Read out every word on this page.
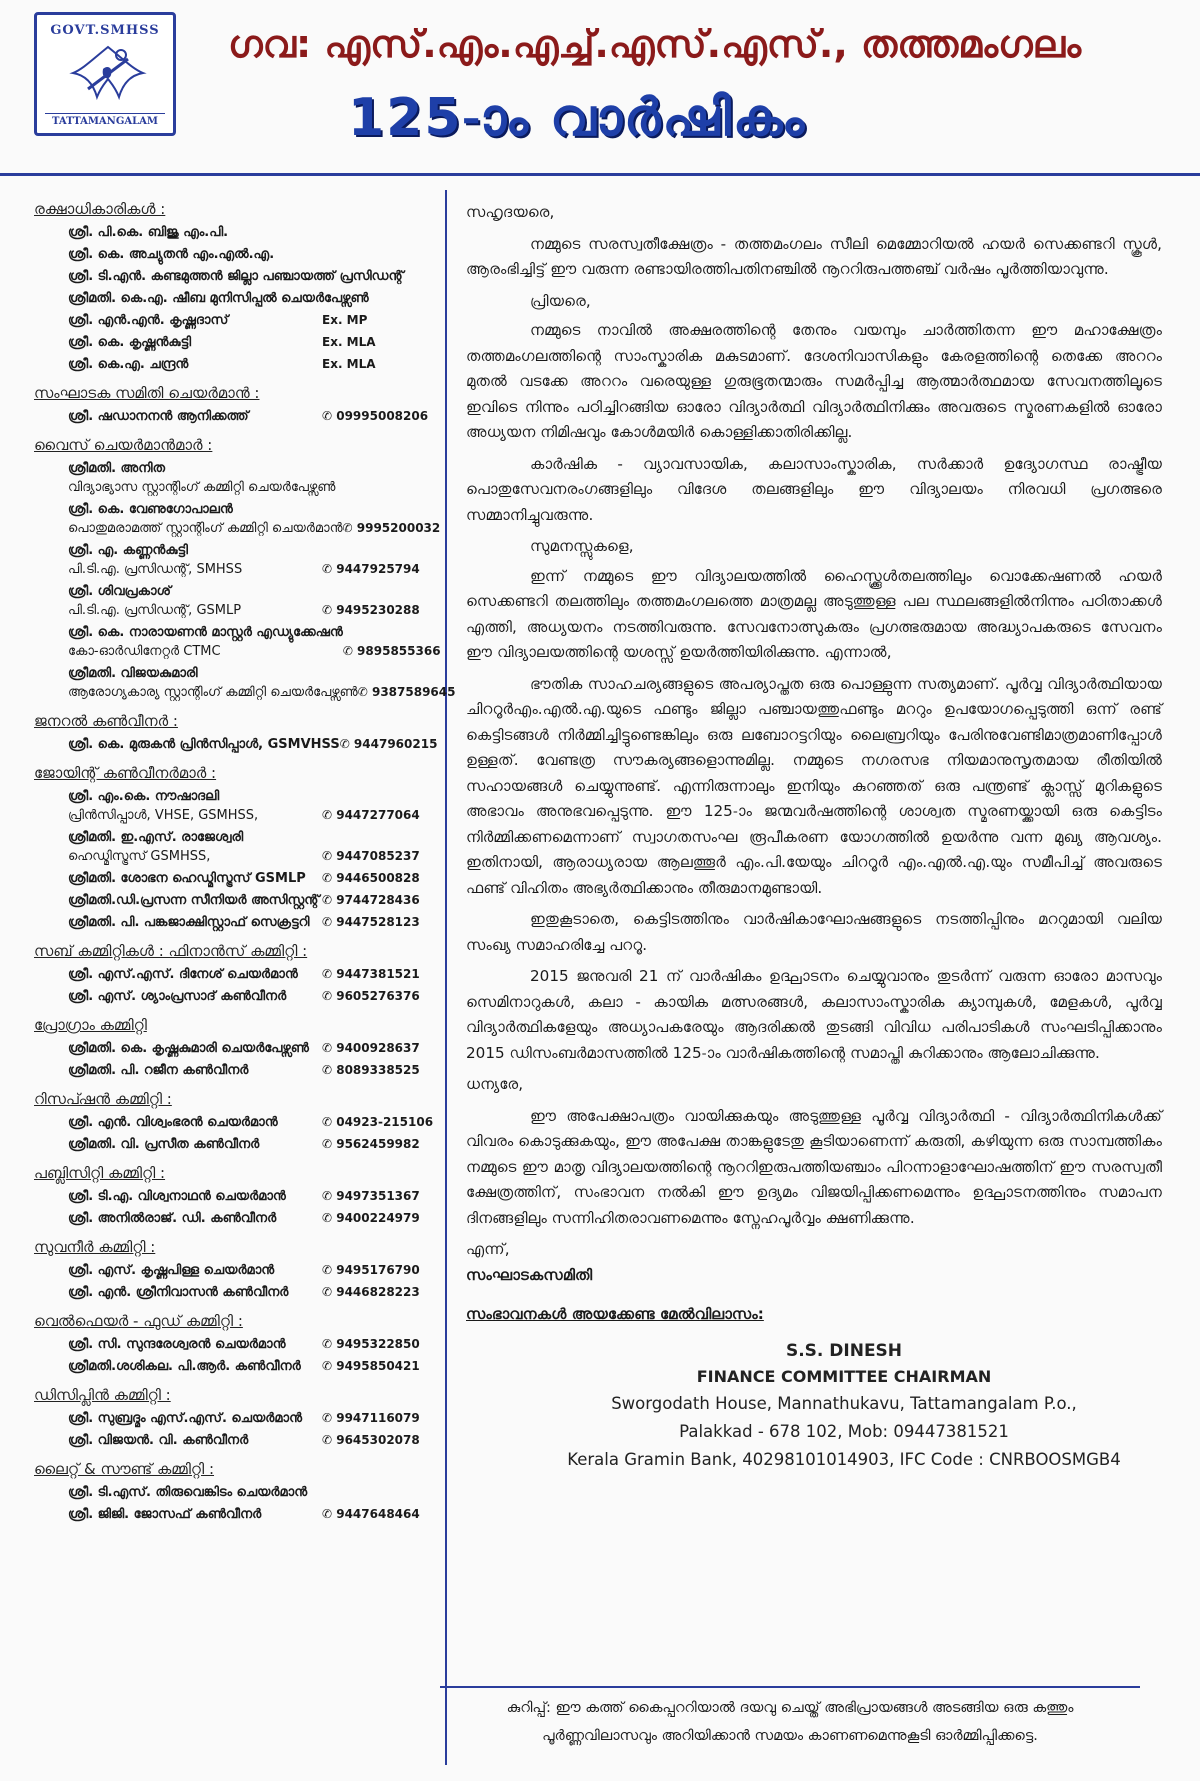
GOVT.SMHSS
TATTAMANGALAM
ഗവ: എസ്.എം.എച്ച്.എസ്.എസ്., തത്തമംഗലം
125-ാം വാർഷികം
രക്ഷാധികാരികൾ :
ശ്രീ. പി.കെ. ബിജു എം.പി.
ശ്രീ. കെ. അച്യുതൻ എം.എൽ.എ.
ശ്രീ. ടി.എൻ. കണ്ടമുത്തൻ ജില്ലാ പഞ്ചായത്ത് പ്രസിഡന്റ്
ശ്രീമതി. കെ.എ. ഷീബ മുനിസിപ്പൽ ചെയർപേഴ്സൺ
ശ്രീ. എൻ.എൻ. കൃഷ്ണദാസ്	Ex. MP
ശ്രീ. കെ. കൃഷ്ണൻകുട്ടി	Ex. MLA
ശ്രീ. കെ.എ. ചന്ദ്രൻ	Ex. MLA
സംഘാടക സമിതി ചെയർമാൻ :
ശ്രീ. ഷഡാനനൻ ആനിക്കത്ത്	✆ 09995008206
വൈസ് ചെയർമാൻമാർ :
ശ്രീമതി. അനിത
വിദ്യാഭ്യാസ സ്റ്റാന്റിംഗ് കമ്മിറ്റി ചെയർപേഴ്സൺ
ശ്രീ. കെ. വേണുഗോപാലൻ
പൊതുമരാമത്ത് സ്റ്റാന്റിംഗ് കമ്മിറ്റി ചെയർമാൻ ✆ 9995200032
ശ്രീ. എ. കണ്ണൻകുട്ടി
പി.ടി.എ. പ്രസിഡന്റ്, SMHSS	✆ 9447925794
ശ്രീ. ശിവപ്രകാശ്
പി.ടി.എ. പ്രസിഡന്റ്, GSMLP	✆ 9495230288
ശ്രീ. കെ. നാരായണൻ മാസ്റ്റർ എഡ്യുക്കേഷൻ
കോ-ഓർഡിനേറ്റർ CTMC	✆ 9895855366
ശ്രീമതി. വിജയകുമാരി
ആരോഗ്യകാര്യ സ്റ്റാന്റിംഗ് കമ്മിറ്റി ചെയർപേഴ്സൺ ✆ 9387589645
ജനറൽ കൺവീനർ :
ശ്രീ. കെ. മുരുകൻ പ്രിൻസിപ്പാൾ, GSMVHSS ✆ 9447960215
ജോയിന്റ് കൺവീനർമാർ :
ശ്രീ. എം.കെ. നൗഷാദലി
പ്രിൻസിപ്പാൾ, VHSE, GSMHSS,	✆ 9447277064
ശ്രീമതി. ഇ.എസ്. രാജേശ്വരി
ഹെഡ്മിസ്ട്രസ് GSMHSS,	✆ 9447085237
ശ്രീമതി. ശോഭന ഹെഡ്മിസ്ട്രസ് GSMLP	✆ 9446500828
ശ്രീമതി.ഡി.പ്രസന്ന സീനിയർ അസിസ്റ്റന്റ് ✆ 9744728436
ശ്രീമതി. പി. പങ്കജാക്ഷിസ്റ്റാഫ് സെക്രട്ടറി	✆ 9447528123
സബ് കമ്മിറ്റികൾ : ഫിനാൻസ് കമ്മിറ്റി :
ശ്രീ. എസ്.എസ്. ദിനേശ് ചെയർമാൻ	✆ 9447381521
ശ്രീ. എസ്. ശ്യാംപ്രസാദ് കൺവീനർ	✆ 9605276376
പ്രോഗ്രാം കമ്മിറ്റി
ശ്രീമതി. കെ. കൃഷ്ണകുമാരി ചെയർപേഴ്സൺ	✆ 9400928637
ശ്രീമതി. പി. റജീന കൺവീനർ	✆ 8089338525
റിസപ്ഷൻ കമ്മിറ്റി :
ശ്രീ. എൻ. വിശ്വംഭരൻ ചെയർമാൻ	✆ 04923-215106
ശ്രീമതി. വി. പ്രസീത കൺവീനർ	✆ 9562459982
പബ്ലിസിറ്റി കമ്മിറ്റി :
ശ്രീ. ടി.എ. വിശ്വനാഥൻ ചെയർമാൻ	✆ 9497351367
ശ്രീ. അനിൽരാജ്. ഡി. കൺവീനർ	✆ 9400224979
സുവനീർ കമ്മിറ്റി :
ശ്രീ. എസ്. കൃഷ്ണപിള്ള ചെയർമാൻ	✆ 9495176790
ശ്രീ. എൻ. ശ്രീനിവാസൻ കൺവീനർ	✆ 9446828223
വെൽഫെയർ - ഫുഡ് കമ്മിറ്റി :
ശ്രീ. സി. സുന്ദരേശ്വരൻ ചെയർമാൻ	✆ 9495322850
ശ്രീമതി.ശശികല. പി.ആർ. കൺവീനർ	✆ 9495850421
ഡിസിപ്ലിൻ കമ്മിറ്റി :
ശ്രീ. സുബ്രദ്മം എസ്.എസ്. ചെയർമാൻ	✆ 9947116079
ശ്രീ. വിജയൻ. വി. കൺവീനർ	✆ 9645302078
ലൈറ്റ് & സൗണ്ട് കമ്മിറ്റി :
ശ്രീ. ടി.എസ്. തിരുവെങ്കിടം ചെയർമാൻ
ശ്രീ. ജിജി. ജോസഫ് കൺവീനർ	✆ 9447648464

സഹൃദയരെ,

നമ്മുടെ സരസ്വതീക്ഷേത്രം - തത്തമംഗലം സീലി മെമ്മോറിയൽ ഹയർ സെക്കണ്ടറി സ്കൂൾ, ആരംഭിച്ചിട്ട് ഈ വരുന്ന രണ്ടായിരത്തിപതിനഞ്ചിൽ നൂററിരുപത്തഞ്ച് വർഷം പൂർത്തിയാവുന്നു.

പ്രിയരെ,

നമ്മുടെ നാവിൽ അക്ഷരത്തിന്റെ തേനും വയമ്പും ചാർത്തിതന്ന ഈ മഹാക്ഷേത്രം തത്തമംഗലത്തിന്റെ സാംസ്കാരിക മകുടമാണ്. ദേശനിവാസികളും കേരളത്തിന്റെ തെക്കേ അററം മുതൽ വടക്കേ അററം വരെയുള്ള ഗുരുഭൂതന്മാരും സമർപ്പിച്ച ആത്മാർത്ഥമായ സേവനത്തിലൂടെ ഇവിടെ നിന്നും പഠിച്ചിറങ്ങിയ ഓരോ വിദ്യാർത്ഥി വിദ്യാർത്ഥിനിക്കും അവരുടെ സ്മരണകളിൽ ഓരോ അധ്യയന നിമിഷവും കോൾമയിർ കൊള്ളിക്കാതിരിക്കില്ല.

കാർഷിക - വ്യാവസായിക, കലാസാംസ്കാരിക, സർക്കാർ ഉദ്യോഗസ്ഥ രാഷ്ട്രീയ പൊതുസേവനരംഗങ്ങളിലും വിദേശ തലങ്ങളിലും ഈ വിദ്യാലയം നിരവധി പ്രഗത്ഭരെ സമ്മാനിച്ചുവരുന്നു.

സുമനസ്സുകളെ,

ഇന്ന് നമ്മുടെ ഈ വിദ്യാലയത്തിൽ ഹൈസ്ക്കൂൾതലത്തിലും വൊക്കേഷണൽ ഹയർ സെക്കണ്ടറി തലത്തിലും തത്തമംഗലത്തെ മാത്രമല്ല അടുത്തുള്ള പല സ്ഥലങ്ങളിൽനിന്നും പഠിതാക്കൾ എത്തി, അധ്യയനം നടത്തിവരുന്നു. സേവനോത്സുകരും പ്രഗത്ഭരുമായ അദ്ധ്യാപകരുടെ സേവനം ഈ വിദ്യാലയത്തിന്റെ യശസ്സ് ഉയർത്തിയിരിക്കുന്നു. എന്നാൽ,

ഭൗതിക സാഹചര്യങ്ങളുടെ അപര്യാപ്തത ഒരു പൊള്ളുന്ന സത്യമാണ്. പൂർവ്വ വിദ്യാർത്ഥിയായ ചിററൂർഎം.എൽ.എ.യുടെ ഫണ്ടും ജില്ലാ പഞ്ചായത്തുഫണ്ടും മററും ഉപയോഗപ്പെടുത്തി ഒന്ന് രണ്ട് കെട്ടിടങ്ങൾ നിർമ്മിച്ചിട്ടുണ്ടെങ്കിലും ഒരു ലബോറട്ടറിയും ലൈബ്രറിയും പേരിനുവേണ്ടിമാത്രമാണിപ്പോൾ ഉള്ളത്. വേണ്ടത്ര സൗകര്യങ്ങളൊന്നുമില്ല. നമ്മുടെ നഗരസഭ നിയമാനുസൃതമായ രീതിയിൽ സഹായങ്ങൾ ചെയ്യുന്നുണ്ട്. എന്നിരുന്നാലും ഇനിയും കുറഞ്ഞത് ഒരു പന്ത്രണ്ട് ക്ലാസ്സ് മുറികളുടെ അഭാവം അനുഭവപ്പെടുന്നു. ഈ 125-ാം ജന്മവർഷത്തിന്റെ ശാശ്വത സ്മരണയ്ക്കായി ഒരു കെട്ടിടം നിർമ്മിക്കണമെന്നാണ് സ്വാഗതസംഘ രൂപീകരണ യോഗത്തിൽ ഉയർന്നു വന്ന മുഖ്യ ആവശ്യം. ഇതിനായി, ആരാധ്യരായ ആലത്തൂർ എം.പി.യേയും ചിററൂർ എം.എൽ.എ.യും സമീപിച്ച് അവരുടെ ഫണ്ട് വിഹിതം അഭ്യർത്ഥിക്കാനും തീരുമാനമുണ്ടായി.

ഇതുകൂടാതെ, കെട്ടിടത്തിനും വാർഷികാഘോഷങ്ങളുടെ നടത്തിപ്പിനും മററുമായി വലിയ സംഖ്യ സമാഹരിച്ചേ പററൂ.

2015 ജനുവരി 21 ന് വാർഷികം ഉദ്ഘാടനം ചെയ്യുവാനും തുടർന്ന് വരുന്ന ഓരോ മാസവും സെമിനാറുകൾ, കലാ - കായിക മത്സരങ്ങൾ, കലാസാംസ്കാരിക ക്യാമ്പുകൾ, മേളകൾ, പൂർവ്വ വിദ്യാർത്ഥികളേയും അധ്യാപകരേയും ആദരിക്കൽ തുടങ്ങി വിവിധ പരിപാടികൾ സംഘടിപ്പിക്കാനും 2015 ഡിസംബർമാസത്തിൽ 125-ാം വാർഷികത്തിന്റെ സമാപ്തി കുറിക്കാനും ആലോചിക്കുന്നു.

ധന്യരേ,

ഈ അപേക്ഷാപത്രം വായിക്കുകയും അടുത്തുള്ള പൂർവ്വ വിദ്യാർത്ഥി - വിദ്യാർത്ഥിനികൾക്ക് വിവരം കൊടുക്കുകയും, ഈ അപേക്ഷ താങ്കളുടേതു കൂടിയാണെന്ന് കരുതി, കഴിയുന്ന ഒരു സാമ്പത്തികം നമ്മുടെ ഈ മാതൃ വിദ്യാലയത്തിന്റെ നൂററിഇരുപത്തിയഞ്ചാം പിറന്നാളാഘോഷത്തിന് ഈ സരസ്വതീ ക്ഷേത്രത്തിന്, സംഭാവന നൽകി ഈ ഉദ്യമം വിജയിപ്പിക്കണമെന്നും ഉദ്ഘാടനത്തിനും സമാപന ദിനങ്ങളിലും സന്നിഹിതരാവണമെന്നും സ്നേഹപൂർവ്വം ക്ഷണിക്കുന്നു.

എന്ന്,

സംഘാടകസമിതി

സംഭാവനകൾ അയക്കേണ്ട മേൽവിലാസം:

S.S. DINESH
FINANCE COMMITTEE CHAIRMAN
Sworgodath House, Mannathukavu, Tattamangalam P.o.,
Palakkad - 678 102, Mob: 09447381521
Kerala Gramin Bank, 40298101014903, IFC Code : CNRBOOSMGB4
കുറിപ്പ്: ഈ കത്ത് കൈപ്പററിയാൽ ദയവു ചെയ്ത് അഭിപ്രായങ്ങൾ അടങ്ങിയ ഒരു കത്തും
പൂർണ്ണവിലാസവും അറിയിക്കാൻ സമയം കാണണമെന്നുകൂടി ഓർമ്മിപ്പിക്കട്ടെ.
